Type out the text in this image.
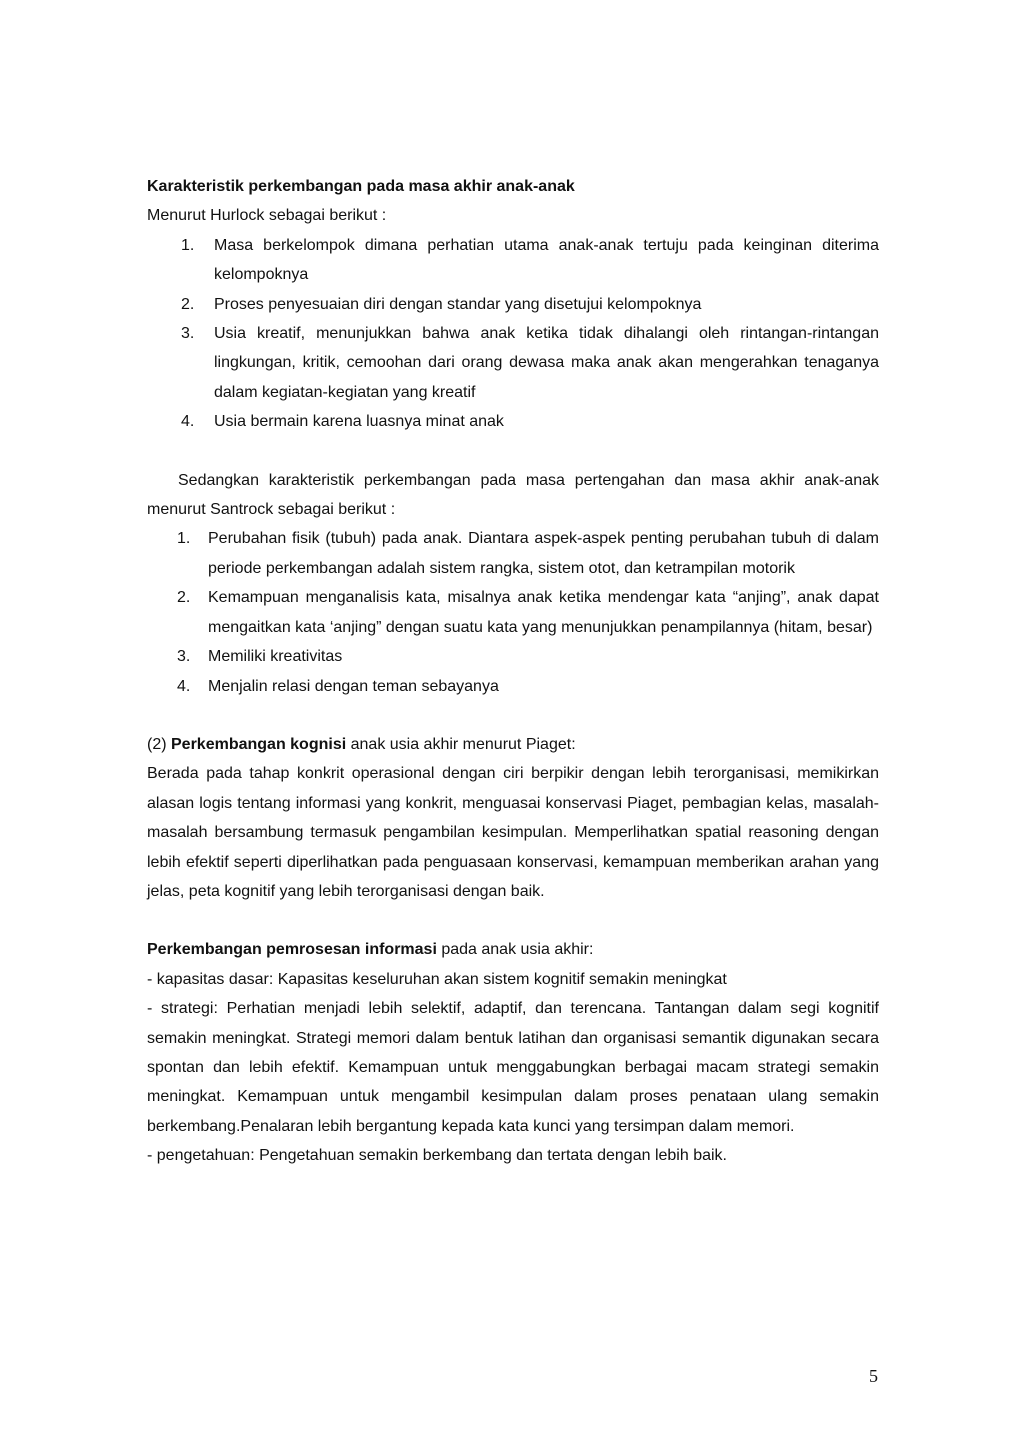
Karakteristik perkembangan pada masa akhir anak-anak

Menurut Hurlock sebagai berikut :

1. Masa berkelompok dimana perhatian utama anak-anak tertuju pada keinginan diterima kelompoknya
2. Proses penyesuaian diri dengan standar yang disetujui kelompoknya
3. Usia kreatif, menunjukkan bahwa anak ketika tidak dihalangi oleh rintangan-rintangan lingkungan, kritik, cemoohan dari orang dewasa maka anak akan mengerahkan tenaganya dalam kegiatan-kegiatan yang kreatif
4. Usia bermain karena luasnya minat anak

Sedangkan karakteristik perkembangan pada masa pertengahan dan masa akhir anak-anak menurut Santrock sebagai berikut :

1. Perubahan fisik (tubuh) pada anak. Diantara aspek-aspek penting perubahan tubuh di dalam periode perkembangan adalah sistem rangka, sistem otot, dan ketrampilan motorik
2. Kemampuan menganalisis kata, misalnya anak ketika mendengar kata “anjing”, anak dapat mengaitkan kata ‘anjing” dengan suatu kata yang menunjukkan penampilannya (hitam, besar)
3. Memiliki kreativitas
4. Menjalin relasi dengan teman sebayanya

(2) Perkembangan kognisi anak usia akhir menurut Piaget:

Berada pada tahap konkrit operasional dengan ciri berpikir dengan lebih terorganisasi, memikirkan alasan logis tentang informasi yang konkrit, menguasai konservasi Piaget, pembagian kelas, masalah-masalah bersambung termasuk pengambilan kesimpulan. Memperlihatkan spatial reasoning dengan lebih efektif seperti diperlihatkan pada penguasaan konservasi, kemampuan memberikan arahan yang jelas, peta kognitif yang lebih terorganisasi dengan baik.

Perkembangan pemrosesan informasi pada anak usia akhir:

- kapasitas dasar: Kapasitas keseluruhan akan sistem kognitif semakin meningkat

- strategi: Perhatian menjadi lebih selektif, adaptif, dan terencana. Tantangan dalam segi kognitif semakin meningkat. Strategi memori dalam bentuk latihan dan organisasi semantik digunakan secara spontan dan lebih efektif. Kemampuan untuk menggabungkan berbagai macam strategi semakin meningkat. Kemampuan untuk mengambil kesimpulan dalam proses penataan ulang semakin berkembang.Penalaran lebih bergantung kepada kata kunci yang tersimpan dalam memori.

- pengetahuan: Pengetahuan semakin berkembang dan tertata dengan lebih baik.

5
